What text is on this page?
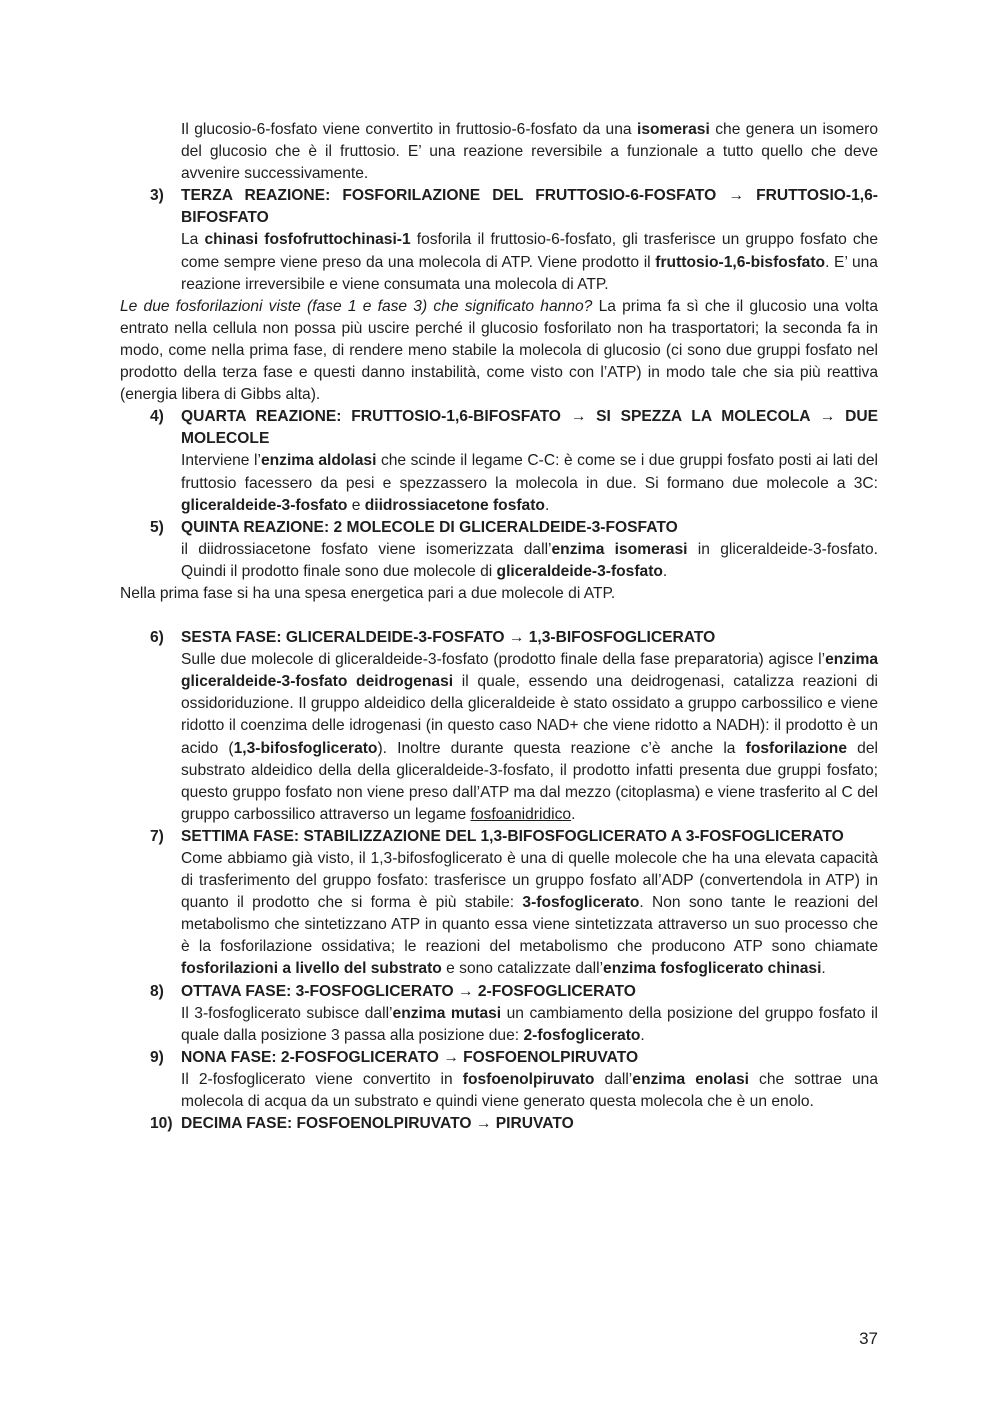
Il glucosio-6-fosfato viene convertito in fruttosio-6-fosfato da una isomerasi che genera un isomero del glucosio che è il fruttosio. E’ una reazione reversibile a funzionale a tutto quello che deve avvenire successivamente.

3) TERZA REAZIONE: FOSFORILAZIONE DEL FRUTTOSIO-6-FOSFATO → FRUTTOSIO-1,6-BIFOSFATO

La chinasi fosfofruttochinasi-1 fosforila il fruttosio-6-fosfato, gli trasferisce un gruppo fosfato che come sempre viene preso da una molecola di ATP. Viene prodotto il fruttosio-1,6-bisfosfato. E’ una reazione irreversibile e viene consumata una molecola di ATP.

Le due fosforilazioni viste (fase 1 e fase 3) che significato hanno? La prima fa sì che il glucosio una volta entrato nella cellula non possa più uscire perché il glucosio fosforilato non ha trasportatori; la seconda fa in modo, come nella prima fase, di rendere meno stabile la molecola di glucosio (ci sono due gruppi fosfato nel prodotto della terza fase e questi danno instabilità, come visto con l’ATP) in modo tale che sia più reattiva (energia libera di Gibbs alta).

4) QUARTA REAZIONE: FRUTTOSIO-1,6-BIFOSFATO → SI SPEZZA LA MOLECOLA → DUE MOLECOLE

Interviene l’enzima aldolasi che scinde il legame C-C: è come se i due gruppi fosfato posti ai lati del fruttosio facessero da pesi e spezzassero la molecola in due. Si formano due molecole a 3C: gliceraldeide-3-fosfato e diidrossiacetone fosfato.

5) QUINTA REAZIONE: 2 MOLECOLE DI GLICERALDEIDE-3-FOSFATO

il diidrossiacetone fosfato viene isomerizzata dall’enzima isomerasi in gliceraldeide-3-fosfato. Quindi il prodotto finale sono due molecole di gliceraldeide-3-fosfato.

Nella prima fase si ha una spesa energetica pari a due molecole di ATP.

6) SESTA FASE: GLICERALDEIDE-3-FOSFATO → 1,3-BIFOSFOGLICERATO

Sulle due molecole di gliceraldeide-3-fosfato (prodotto finale della fase preparatoria) agisce l’enzima gliceraldeide-3-fosfato deidrogenasi il quale, essendo una deidrogenasi, catalizza reazioni di ossidoriduzione. Il gruppo aldeidico della gliceraldeide è stato ossidato a gruppo carbossilico e viene ridotto il coenzima delle idrogenasi (in questo caso NAD+ che viene ridotto a NADH): il prodotto è un acido (1,3-bifosfoglicerato). Inoltre durante questa reazione c’è anche la fosforilazione del substrato aldeidico della della gliceraldeide-3-fosfato, il prodotto infatti presenta due gruppi fosfato; questo gruppo fosfato non viene preso dall’ATP ma dal mezzo (citoplasma) e viene trasferito al C del gruppo carbossilico attraverso un legame fosfoanidridico.

7) SETTIMA FASE: STABILIZZAZIONE DEL 1,3-BIFOSFOGLICERATO A 3-FOSFOGLICERATO

Come abbiamo già visto, il 1,3-bifosfoglicerato è una di quelle molecole che ha una elevata capacità di trasferimento del gruppo fosfato: trasferisce un gruppo fosfato all’ADP (convertendola in ATP) in quanto il prodotto che si forma è più stabile: 3-fosfoglicerato. Non sono tante le reazioni del metabolismo che sintetizzano ATP in quanto essa viene sintetizzata attraverso un suo processo che è la fosforilazione ossidativa; le reazioni del metabolismo che producono ATP sono chiamate fosforilazioni a livello del substrato e sono catalizzate dall’enzima fosfoglicerato chinasi.

8) OTTAVA FASE: 3-FOSFOGLICERATO → 2-FOSFOGLICERATO

Il 3-fosfoglicerato subisce dall’enzima mutasi un cambiamento della posizione del gruppo fosfato il quale dalla posizione 3 passa alla posizione due: 2-fosfoglicerato.

9) NONA FASE: 2-FOSFOGLICERATO → FOSFOENOLPIRUVATO

Il 2-fosfoglicerato viene convertito in fosfoenolpiruvato dall’enzima enolasi che sottrae una molecola di acqua da un substrato e quindi viene generato questa molecola che è un enolo.

10) DECIMA FASE: FOSFOENOLPIRUVATO → PIRUVATO

37
